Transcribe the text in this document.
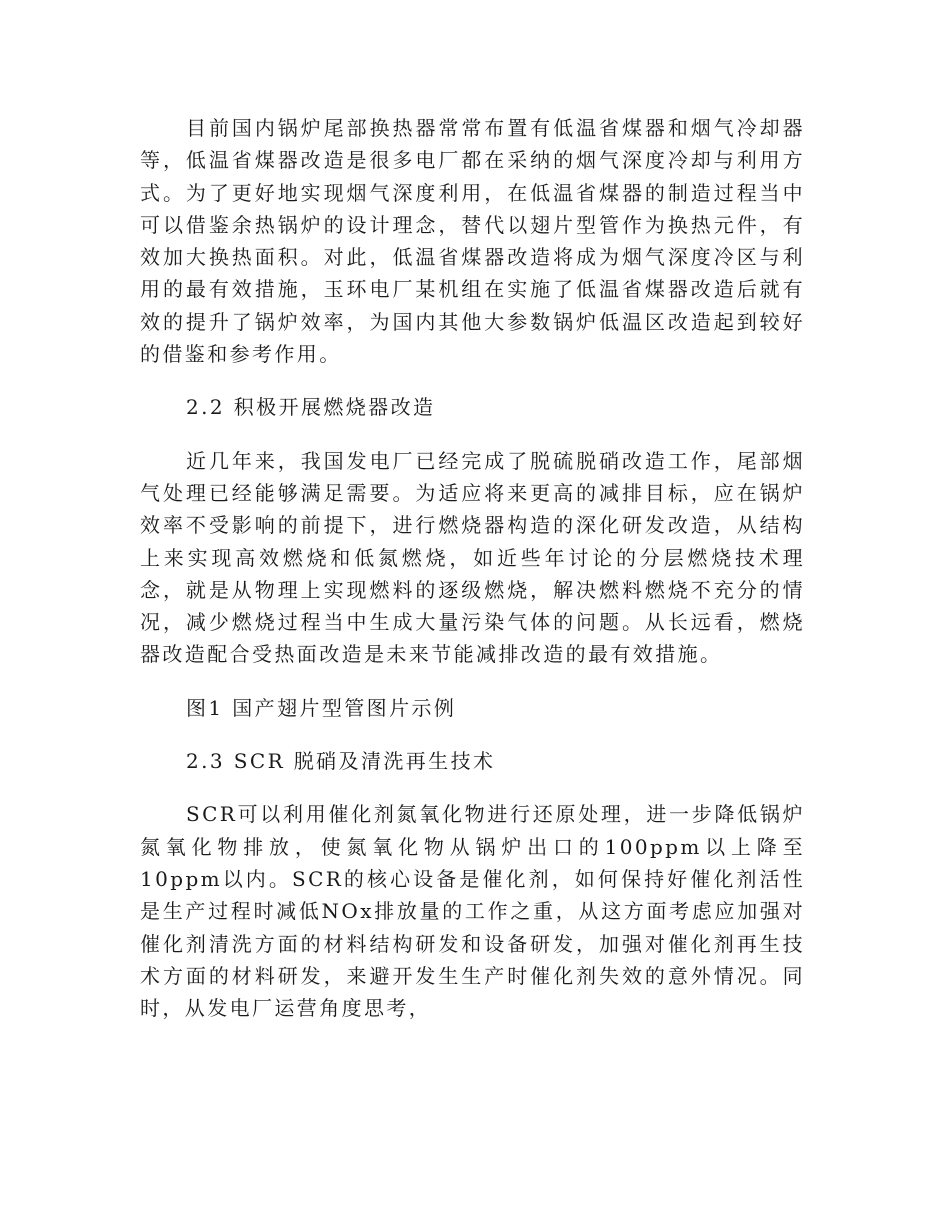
目前国内锅炉尾部换热器常常布置有低温省煤器和烟气冷却器等，低温省煤器改造是很多电厂都在采纳的烟气深度冷却与利用方式。为了更好地实现烟气深度利用，在低温省煤器的制造过程当中可以借鉴余热锅炉的设计理念，替代以翅片型管作为换热元件，有效加大换热面积。对此，低温省煤器改造将成为烟气深度冷区与利用的最有效措施，玉环电厂某机组在实施了低温省煤器改造后就有效的提升了锅炉效率，为国内其他大参数锅炉低温区改造起到较好的借鉴和参考作用。

2.2 积极开展燃烧器改造

近几年来，我国发电厂已经完成了脱硫脱硝改造工作，尾部烟气处理已经能够满足需要。为适应将来更高的减排目标，应在锅炉效率不受影响的前提下，进行燃烧器构造的深化研发改造，从结构上来实现高效燃烧和低氮燃烧，如近些年讨论的分层燃烧技术理念，就是从物理上实现燃料的逐级燃烧，解决燃料燃烧不充分的情况，减少燃烧过程当中生成大量污染气体的问题。从长远看，燃烧器改造配合受热面改造是未来节能减排改造的最有效措施。

图1 国产翅片型管图片示例

2.3 SCR 脱硝及清洗再生技术

SCR可以利用催化剂氮氧化物进行还原处理，进一步降低锅炉氮氧化物排放，使氮氧化物从锅炉出口的100ppm以上降至10ppm以内。SCR的核心设备是催化剂，如何保持好催化剂活性是生产过程时减低NOx排放量的工作之重，从这方面考虑应加强对催化剂清洗方面的材料结构研发和设备研发，加强对催化剂再生技术方面的材料研发，来避开发生生产时催化剂失效的意外情况。同时，从发电厂运营角度思考，
